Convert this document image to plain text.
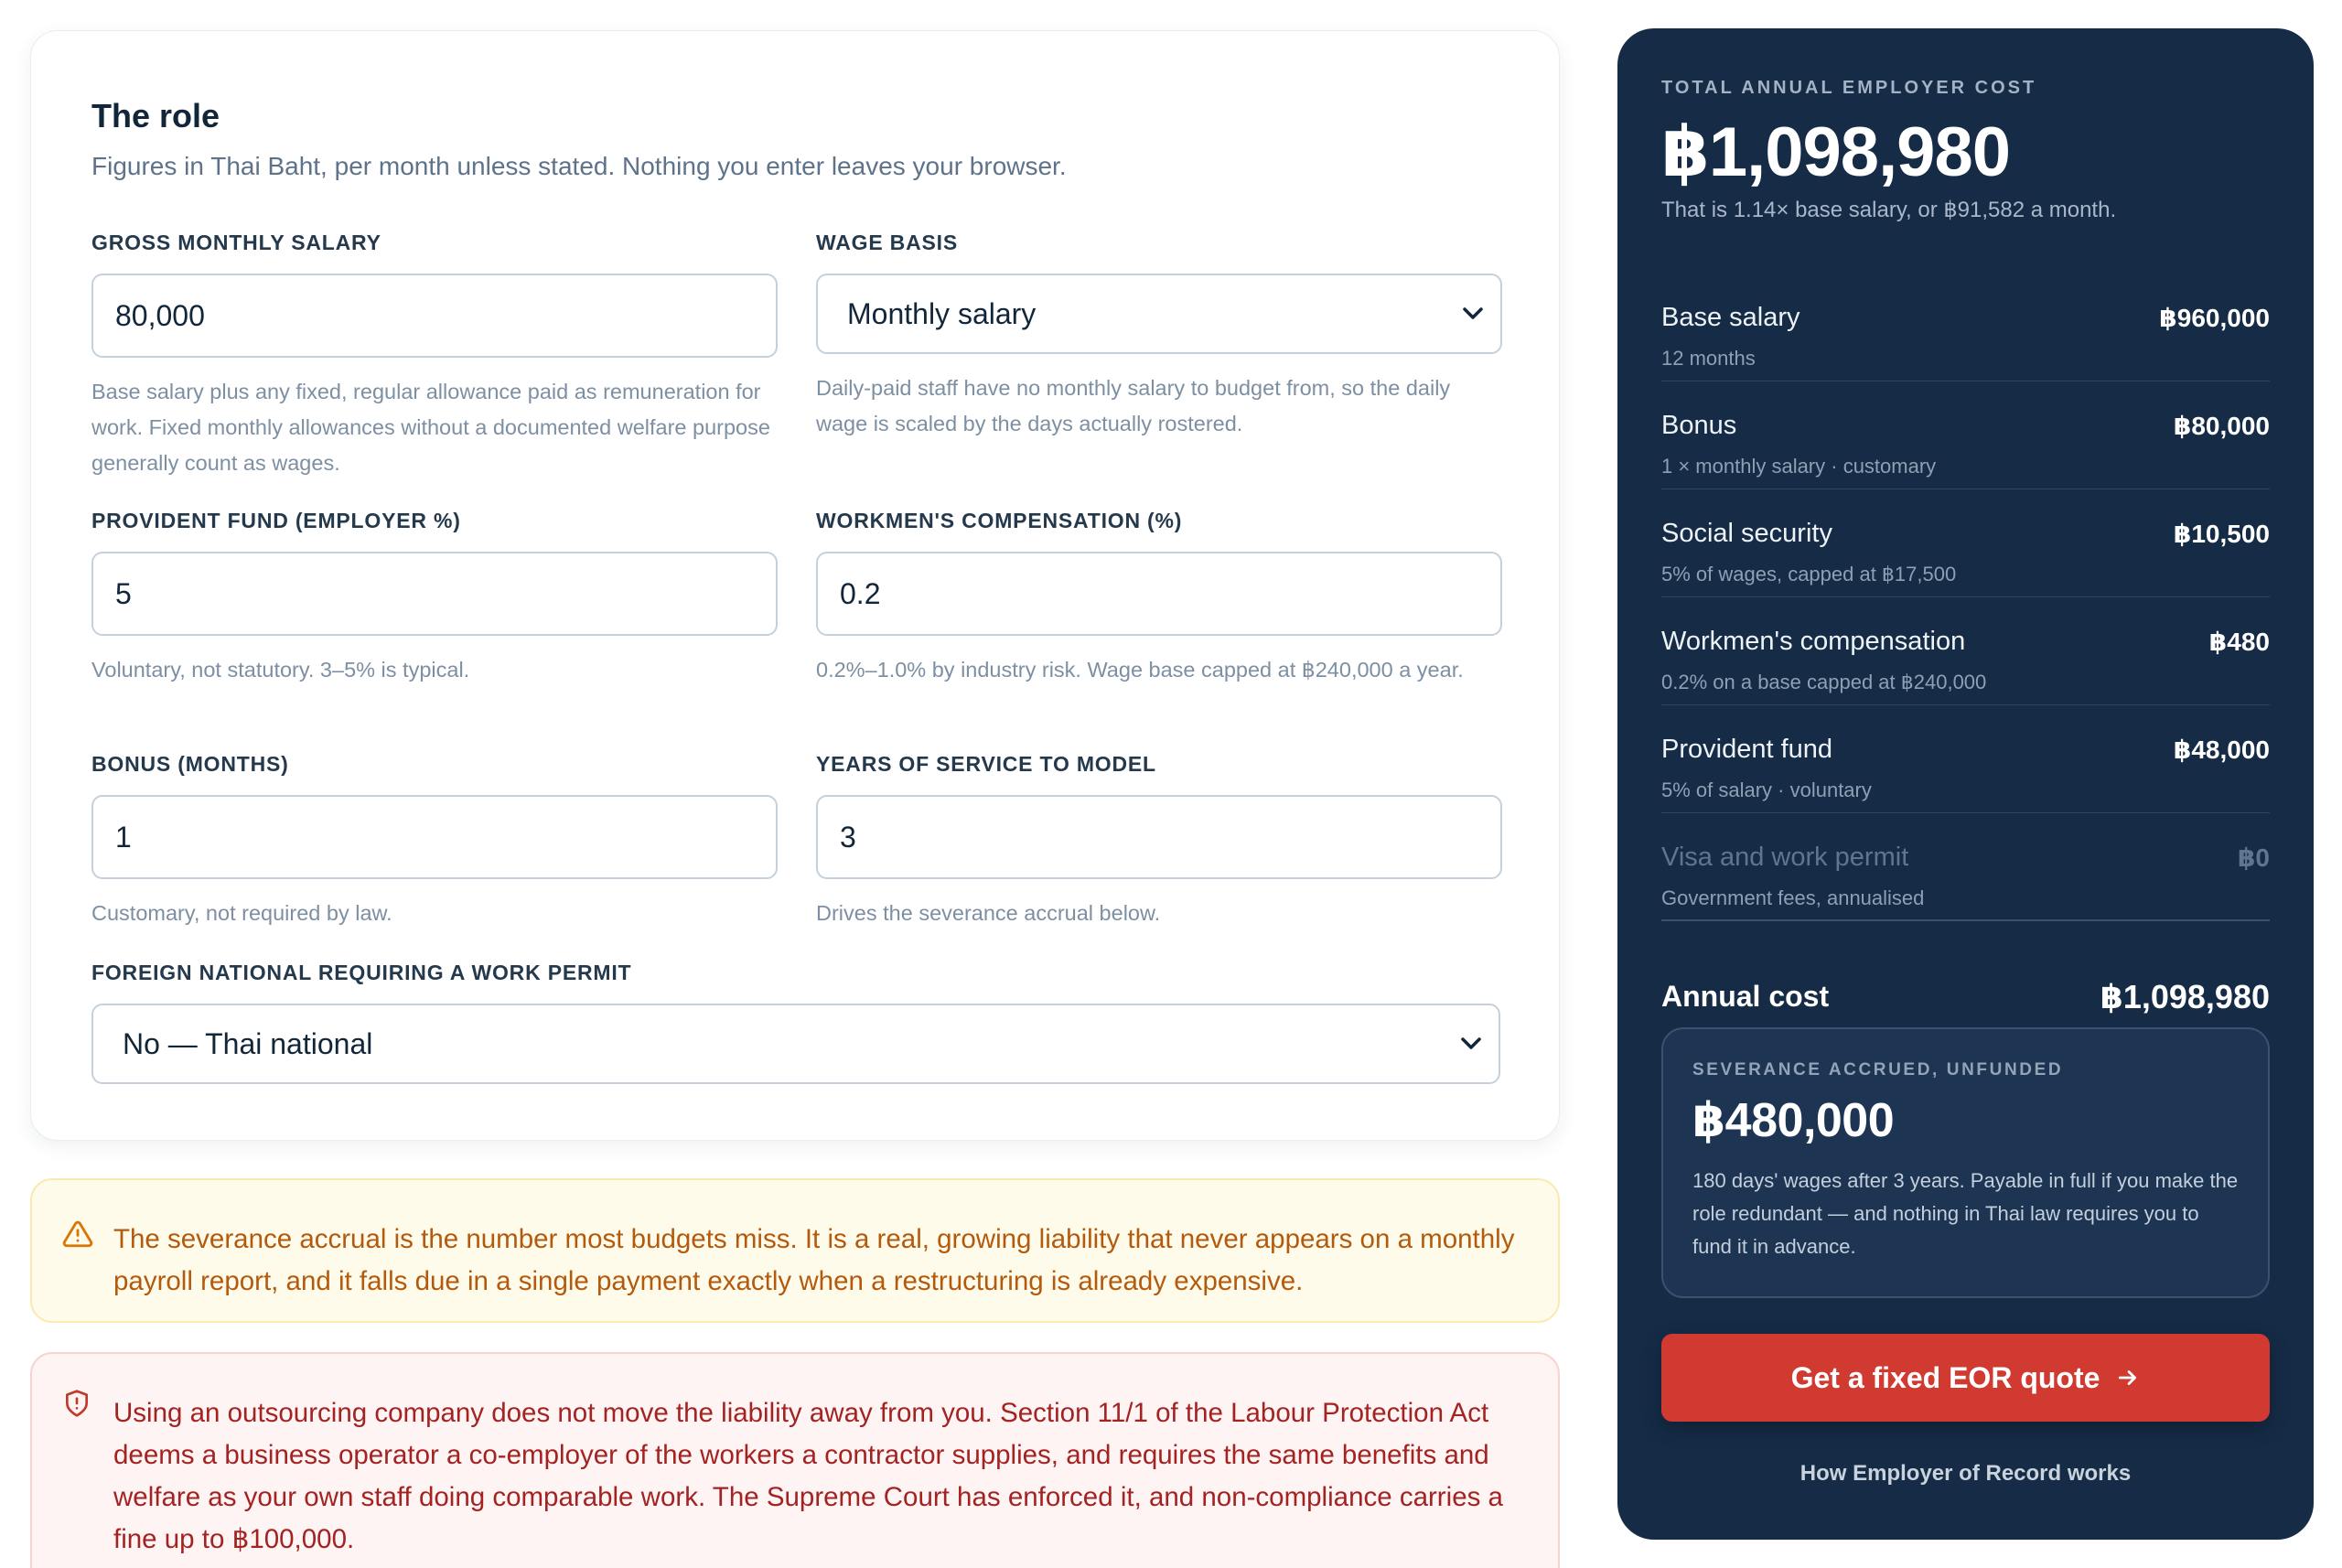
The role
Figures in Thai Baht, per month unless stated. Nothing you enter leaves your browser.
GROSS MONTHLY SALARY
80,000
Base salary plus any fixed, regular allowance paid as remuneration for work. Fixed monthly allowances without a documented welfare purpose generally count as wages.
WAGE BASIS
Monthly salary
Daily-paid staff have no monthly salary to budget from, so the daily wage is scaled by the days actually rostered.
PROVIDENT FUND (EMPLOYER %)
5
Voluntary, not statutory. 3–5% is typical.
WORKMEN'S COMPENSATION (%)
0.2
0.2%–1.0% by industry risk. Wage base capped at ฿240,000 a year.
BONUS (MONTHS)
1
Customary, not required by law.
YEARS OF SERVICE TO MODEL
3
Drives the severance accrual below.
FOREIGN NATIONAL REQUIRING A WORK PERMIT
No — Thai national
The severance accrual is the number most budgets miss. It is a real, growing liability that never appears on a monthly payroll report, and it falls due in a single payment exactly when a restructuring is already expensive.
Using an outsourcing company does not move the liability away from you. Section 11/1 of the Labour Protection Act deems a business operator a co-employer of the workers a contractor supplies, and requires the same benefits and welfare as your own staff doing comparable work. The Supreme Court has enforced it, and non-compliance carries a fine up to ฿100,000.
TOTAL ANNUAL EMPLOYER COST
฿1,098,980
That is 1.14× base salary, or ฿91,582 a month.
Base salary	฿960,000
12 months
Bonus	฿80,000
1 × monthly salary · customary
Social security	฿10,500
5% of wages, capped at ฿17,500
Workmen's compensation	฿480
0.2% on a base capped at ฿240,000
Provident fund	฿48,000
5% of salary · voluntary
Visa and work permit	฿0
Government fees, annualised
Annual cost	฿1,098,980
SEVERANCE ACCRUED, UNFUNDED
฿480,000
180 days' wages after 3 years. Payable in full if you make the role redundant — and nothing in Thai law requires you to fund it in advance.
Get a fixed EOR quote
How Employer of Record works
